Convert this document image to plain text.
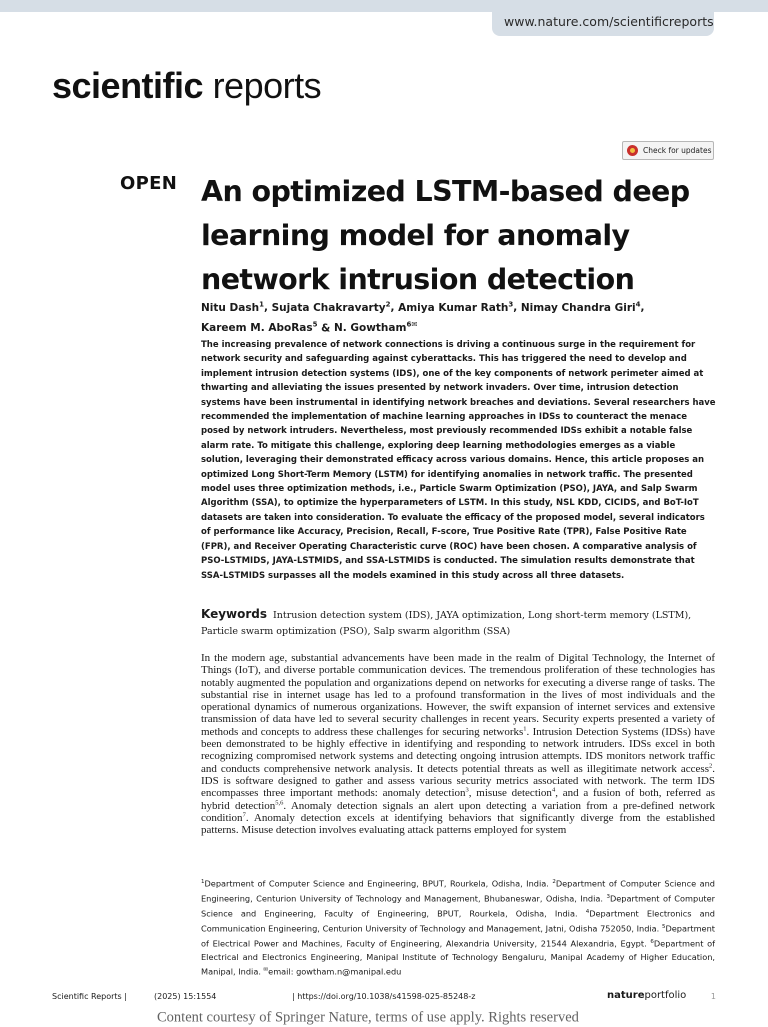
www.nature.com/scientificreports
scientific reports
Check for updates
OPEN An optimized LSTM-based deep learning model for anomaly network intrusion detection
Nitu Dash$^1$, Sujata Chakravarty$^2$, Amiya Kumar Rath$^3$, Nimay Chandra Giri$^4$, Kareem M. AboRas$^5$ & N. Gowtham$^{6✉}$

The increasing prevalence of network connections is driving a continuous surge in the requirement for network security and safeguarding against cyberattacks. This has triggered the need to develop and implement intrusion detection systems (IDS), one of the key components of network perimeter aimed at thwarting and alleviating the issues presented by network invaders. Over time, intrusion detection systems have been instrumental in identifying network breaches and deviations. Several researchers have recommended the implementation of machine learning approaches in IDSs to counteract the menace posed by network intruders. Nevertheless, most previously recommended IDSs exhibit a notable false alarm rate. To mitigate this challenge, exploring deep learning methodologies emerges as a viable solution, leveraging their demonstrated efficacy across various domains. Hence, this article proposes an optimized Long Short-Term Memory (LSTM) for identifying anomalies in network traffic. The presented model uses three optimization methods, i.e., Particle Swarm Optimization (PSO), JAYA, and Salp Swarm Algorithm (SSA), to optimize the hyperparameters of LSTM. In this study, NSL KDD, CICIDS, and BoT-IoT datasets are taken into consideration. To evaluate the efficacy of the proposed model, several indicators of performance like Accuracy, Precision, Recall, F-score, True Positive Rate (TPR), False Positive Rate (FPR), and Receiver Operating Characteristic curve (ROC) have been chosen. A comparative analysis of PSO-LSTMIDS, JAYA-LSTMIDS, and SSA-LSTMIDS is conducted. The simulation results demonstrate that SSA-LSTMIDS surpasses all the models examined in this study across all three datasets.

Keywords Intrusion detection system (IDS), JAYA optimization, Long short-term memory (LSTM), Particle swarm optimization (PSO), Salp swarm algorithm (SSA)

In the modern age, substantial advancements have been made in the realm of Digital Technology, the Internet of Things (IoT), and diverse portable communication devices. The tremendous proliferation of these technologies has notably augmented the population and organizations depend on networks for executing a diverse range of tasks. The substantial rise in internet usage has led to a profound transformation in the lives of most individuals and the operational dynamics of numerous organizations. However, the swift expansion of internet services and extensive transmission of data have led to several security challenges in recent years. Security experts presented a variety of methods and concepts to address these challenges for securing networks$^1$. Intrusion Detection Systems (IDSs) have been demonstrated to be highly effective in identifying and responding to network intruders. IDSs excel in both recognizing compromised network systems and detecting ongoing intrusion attempts. IDS monitors network traffic and conducts comprehensive network analysis. It detects potential threats as well as illegitimate network access$^2$. IDS is software designed to gather and assess various security metrics associated with network. The term IDS encompasses three important methods: anomaly detection$^3$, misuse detection$^4$, and a fusion of both, referred as hybrid detection$^{5,6}$. Anomaly detection signals an alert upon detecting a variation from a pre-defined network condition$^7$. Anomaly detection excels at identifying behaviors that significantly diverge from the established patterns. Misuse detection involves evaluating attack patterns employed for system

$^1$Department of Computer Science and Engineering, BPUT, Rourkela, Odisha, India. $^2$Department of Computer Science and Engineering, Centurion University of Technology and Management, Bhubaneswar, Odisha, India. $^3$Department of Computer Science and Engineering, Faculty of Engineering, BPUT, Rourkela, Odisha, India. $^4$Department Electronics and Communication Engineering, Centurion University of Technology and Management, Jatni, Odisha 752050, India. $^5$Department of Electrical Power and Machines, Faculty of Engineering, Alexandria University, 21544 Alexandria, Egypt. $^6$Department of Electrical and Electronics Engineering, Manipal Institute of Technology Bengaluru, Manipal Academy of Higher Education, Manipal, India. ✉email: gowtham.n@manipal.edu
Scientific Reports |	(2025) 15:1554	| https://doi.org/10.1038/s41598-025-85248-z	natureportfolio	1
Content courtesy of Springer Nature, terms of use apply. Rights reserved
